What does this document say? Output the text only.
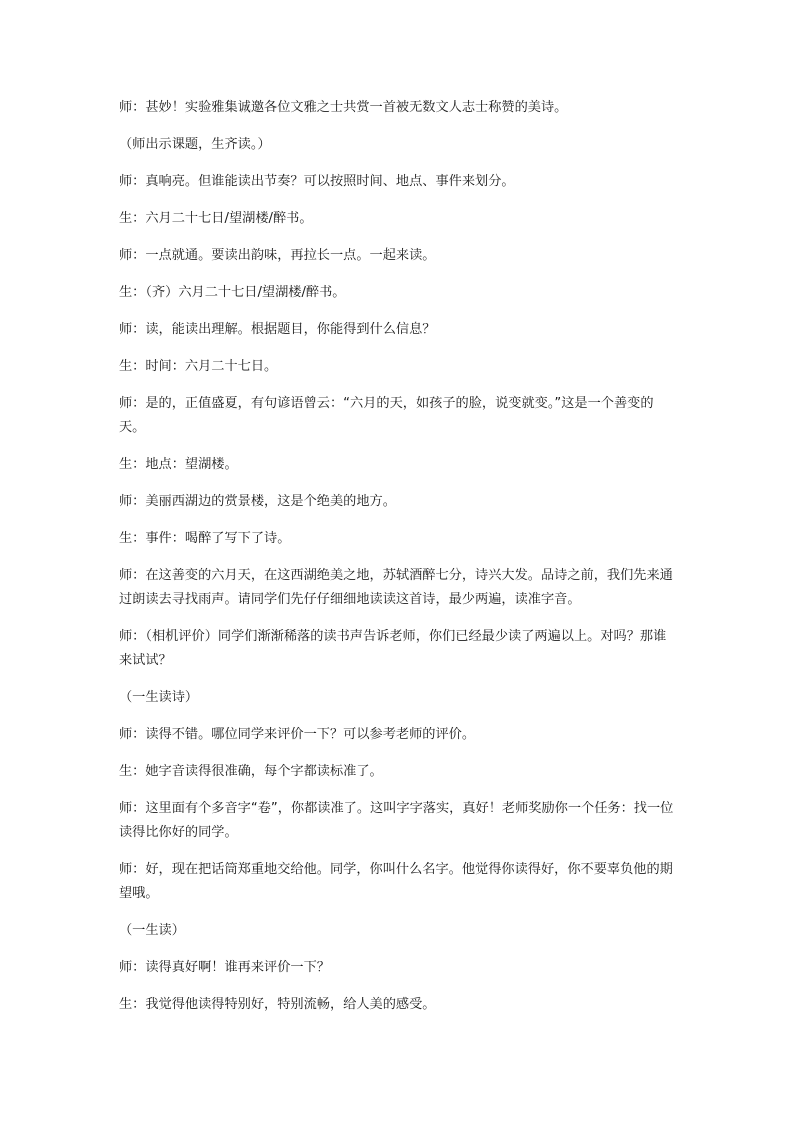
师：甚妙！实验雅集诚邀各位文雅之士共赏一首被无数文人志士称赞的美诗。

（师出示课题，生齐读。）

师：真响亮。但谁能读出节奏？可以按照时间、地点、事件来划分。

生：六月二十七日/望湖楼/醉书。

师：一点就通。要读出韵味，再拉长一点。一起来读。

生：（齐）六月二十七日/望湖楼/醉书。

师：读，能读出理解。根据题目，你能得到什么信息？

生：时间：六月二十七日。

师：是的，正值盛夏，有句谚语曾云：“六月的天，如孩子的脸，说变就变。”这是一个善变的天。

生：地点：望湖楼。

师：美丽西湖边的赏景楼，这是个绝美的地方。

生：事件：喝醉了写下了诗。

师：在这善变的六月天，在这西湖绝美之地，苏轼酒醉七分，诗兴大发。品诗之前，我们先来通过朗读去寻找雨声。请同学们先仔仔细细地读读这首诗，最少两遍，读准字音。

师：（相机评价）同学们渐渐稀落的读书声告诉老师，你们已经最少读了两遍以上。对吗？那谁来试试？

（一生读诗）

师：读得不错。哪位同学来评价一下？可以参考老师的评价。

生：她字音读得很准确，每个字都读标准了。

师：这里面有个多音字“卷”，你都读准了。这叫字字落实，真好！老师奖励你一个任务：找一位读得比你好的同学。

师：好，现在把话筒郑重地交给他。同学，你叫什么名字。他觉得你读得好，你不要辜负他的期望哦。

（一生读）

师：读得真好啊！谁再来评价一下？

生：我觉得他读得特别好，特别流畅，给人美的感受。
